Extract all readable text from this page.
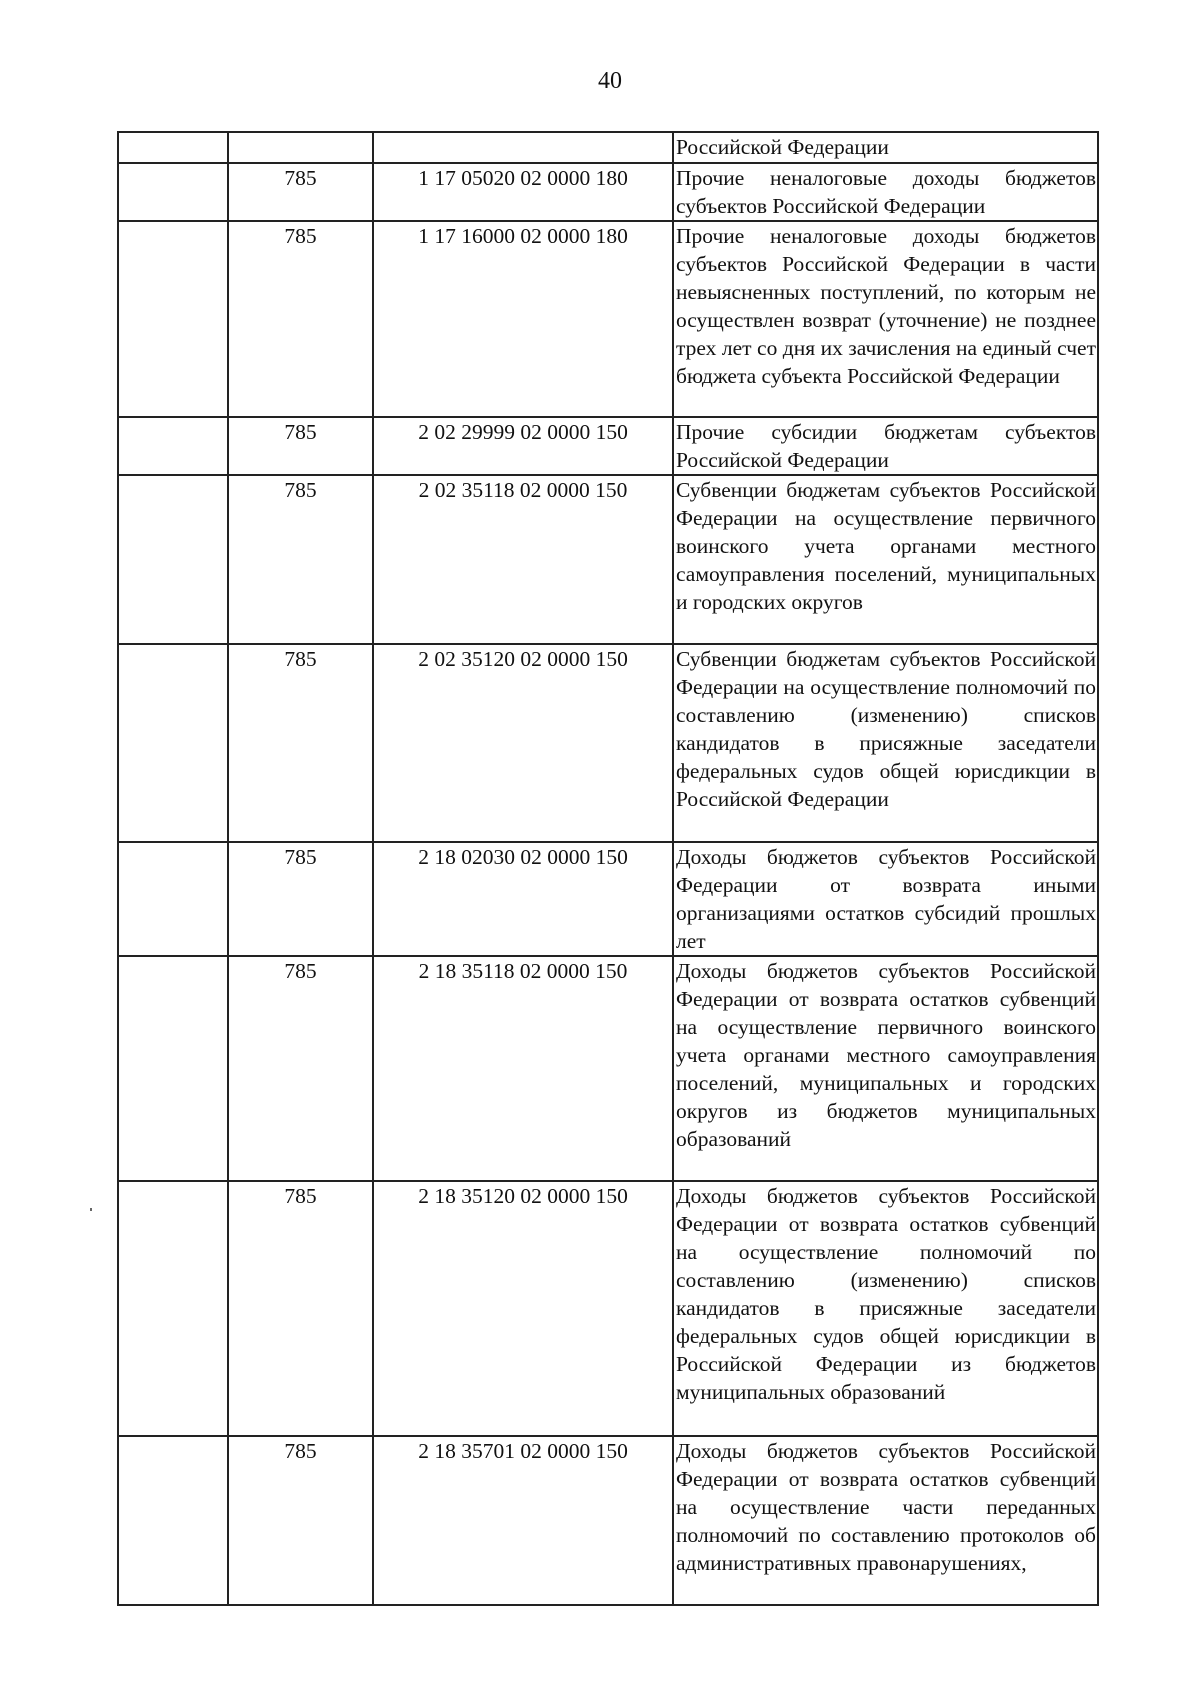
40
			Российской Федерации
	785	1 17 05020 02 0000 180	Прочие неналоговые доходы бюджетов субъектов Российской Федерации
	785	1 17 16000 02 0000 180	Прочие неналоговые доходы бюджетов субъектов Российской Федерации в части невыясненных поступлений, по которым не осуществлен возврат (уточнение) не позднее трех лет со дня их зачисления на единый счет бюджета субъекта Российской Федерации
	785	2 02 29999 02 0000 150	Прочие субсидии бюджетам субъектов Российской Федерации
	785	2 02 35118 02 0000 150	Субвенции бюджетам субъектов Российской Федерации на осуществление первичного воинского учета органами местного самоуправления поселений, муниципальных и городских округов
	785	2 02 35120 02 0000 150	Субвенции бюджетам субъектов Российской Федерации на осуществление полномочий по составлению (изменению) списков кандидатов в присяжные заседатели федеральных судов общей юрисдикции в Российской Федерации
	785	2 18 02030 02 0000 150	Доходы бюджетов субъектов Российской Федерации от возврата иными организациями остатков субсидий прошлых лет
	785	2 18 35118 02 0000 150	Доходы бюджетов субъектов Российской Федерации от возврата остатков субвенций на осуществление первичного воинского учета органами местного самоуправления поселений, муниципальных и городских округов из бюджетов муниципальных образований
	785	2 18 35120 02 0000 150	Доходы бюджетов субъектов Российской Федерации от возврата остатков субвенций на осуществление полномочий по составлению (изменению) списков кандидатов в присяжные заседатели федеральных судов общей юрисдикции в Российской Федерации из бюджетов муниципальных образований
	785	2 18 35701 02 0000 150	Доходы бюджетов субъектов Российской Федерации от возврата остатков субвенций на осуществление части переданных полномочий по составлению протоколов об административных правонарушениях,
